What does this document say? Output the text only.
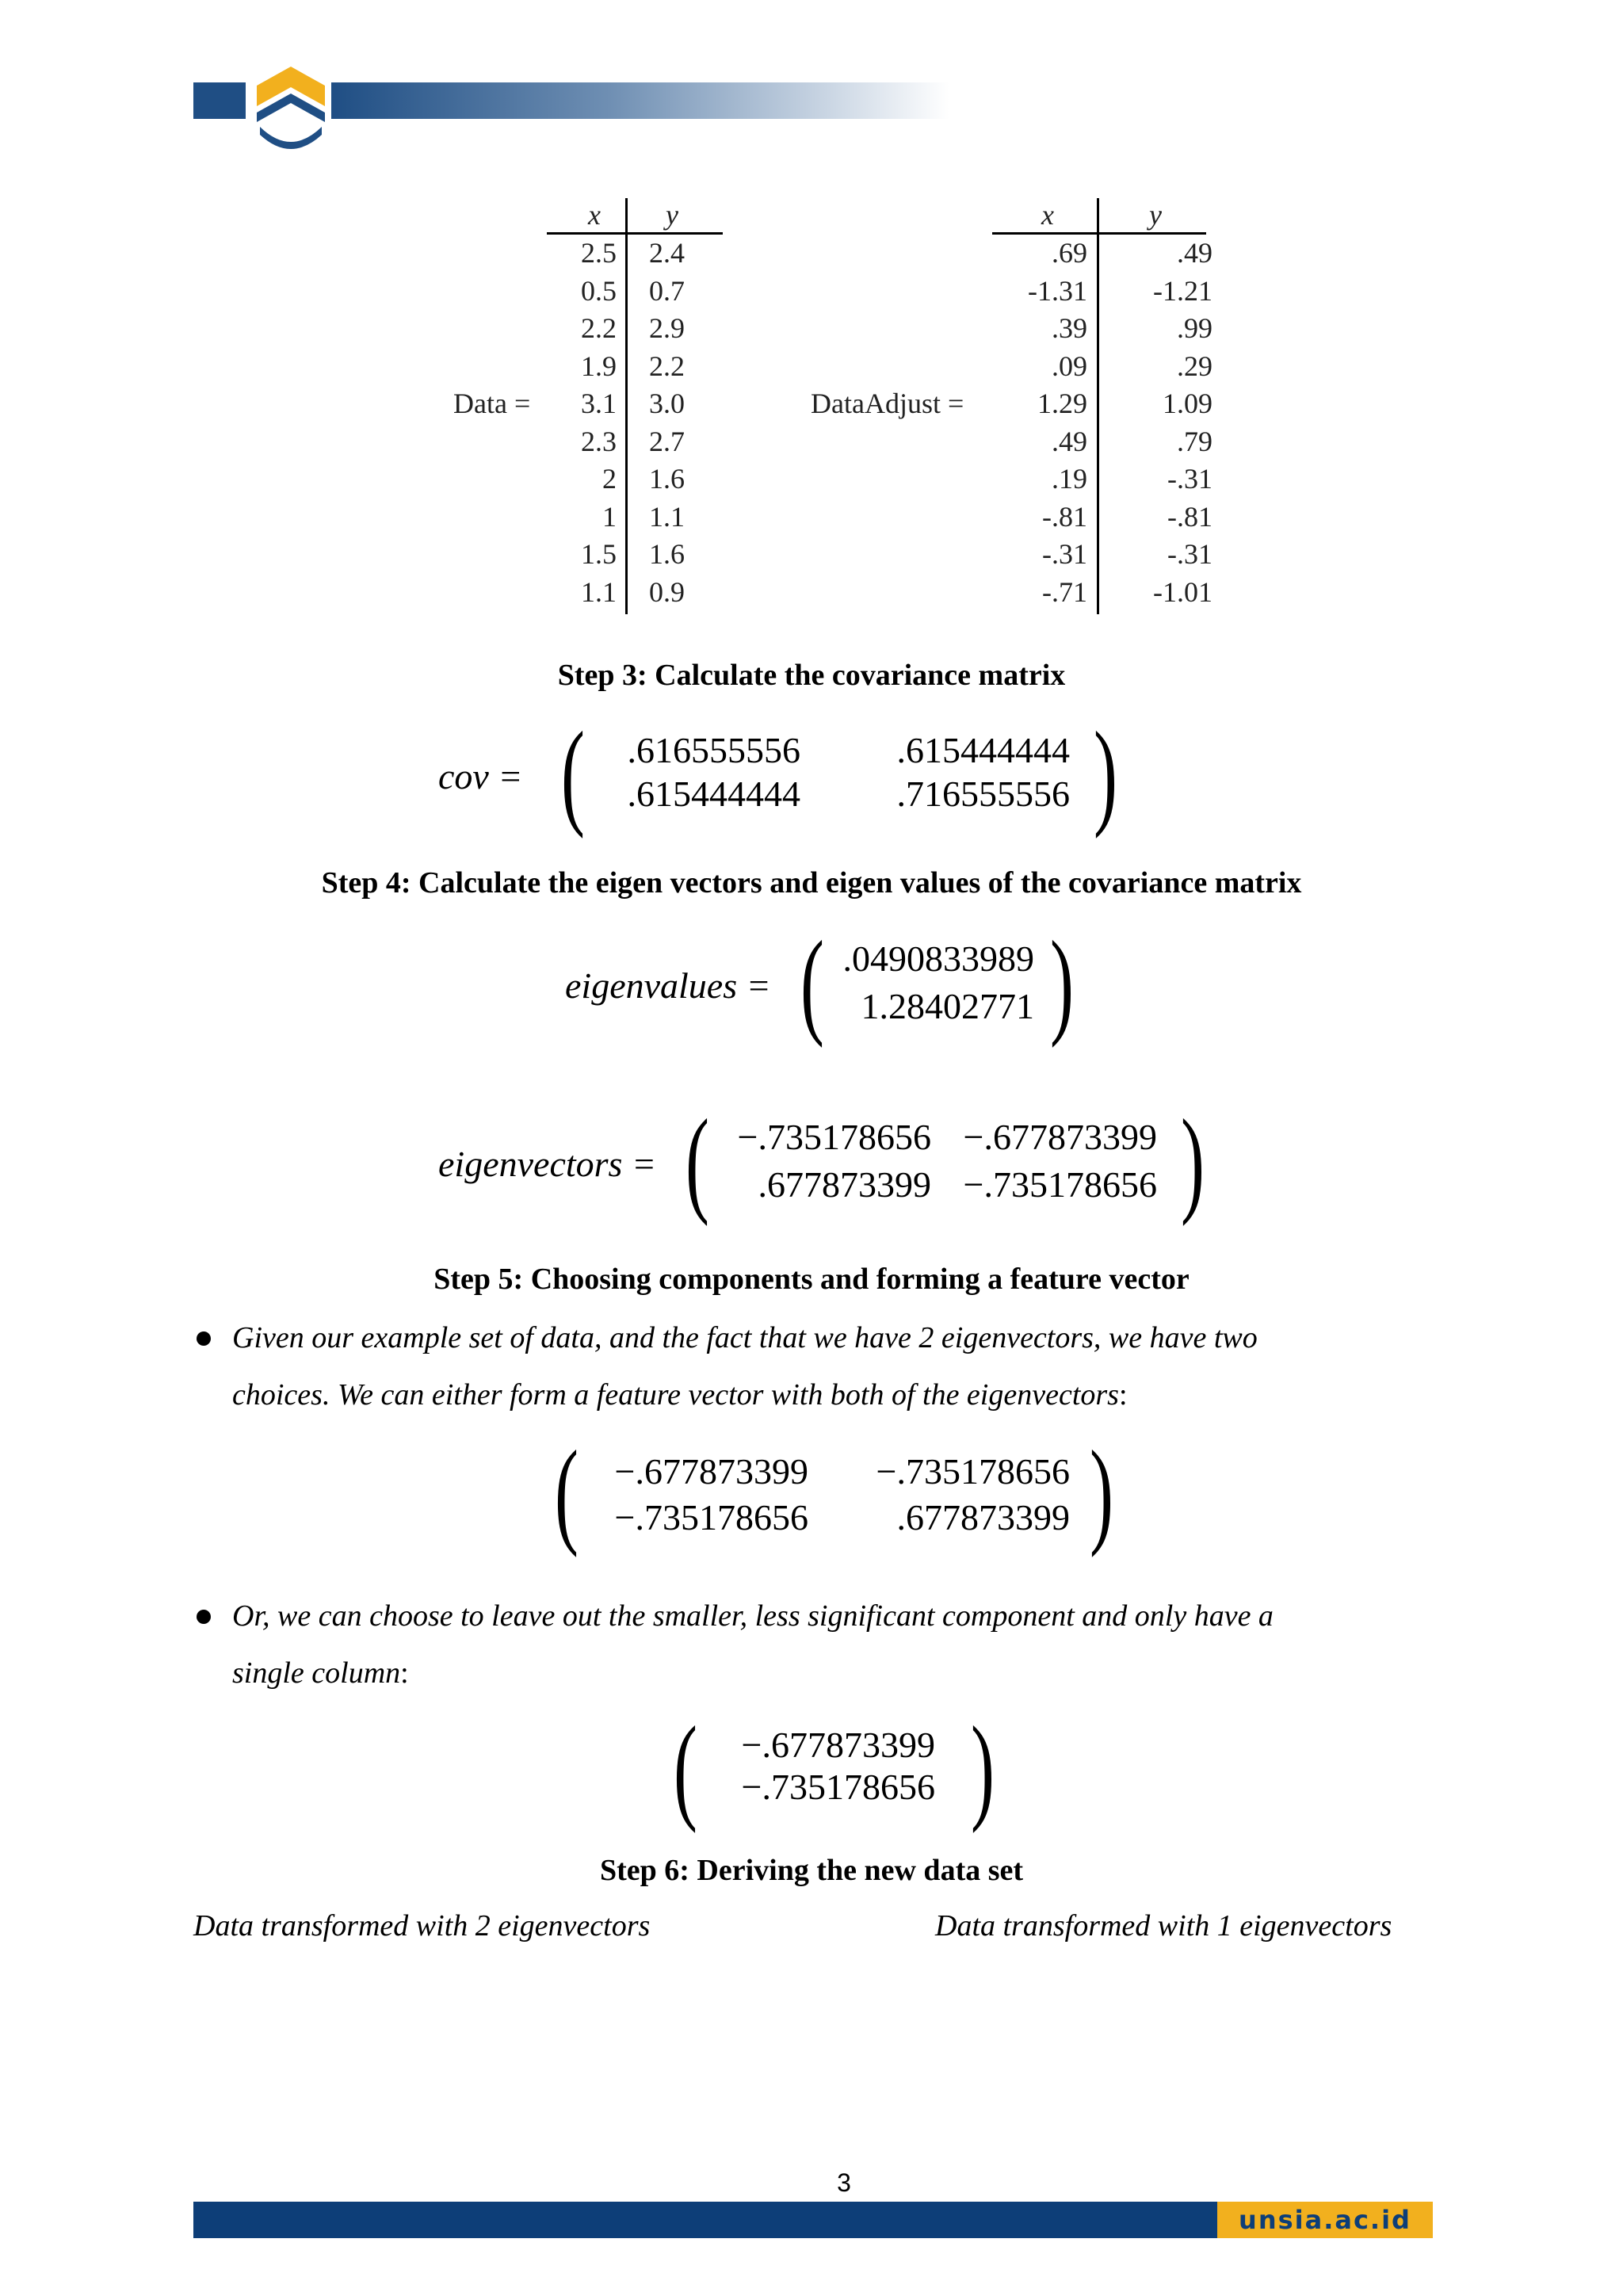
Data =
x	y
2.5	2.4
0.5	0.7
2.2	2.9
1.9	2.2
3.1	3.0
2.3	2.7
2	1.6
1	1.1
1.5	1.6
1.1	0.9
DataAdjust =
x	y
.69	.49
-1.31	-1.21
.39	.99
.09	.29
1.29	1.09
.49	.79
.19	-.31
-.81	-.81
-.31	-.31
-.71	-1.01
Step 3: Calculate the covariance matrix
cov = (	.616555556	.615444444
.615444444	.716555556 )
Step 4: Calculate the eigen vectors and eigen values of the covariance matrix
eigenvalues = ( .0490833989
1.28402771 )
eigenvectors = ( −.735178656 −.677873399
.677873399 −.735178656 )
Step 5: Choosing components and forming a feature vector
Given our example set of data, and the fact that we have 2 eigenvectors, we have two
choices. We can either form a feature vector with both of the eigenvectors:
( −.677873399	−.735178656
−.735178656	.677873399 )
Or, we can choose to leave out the smaller, less significant component and only have a
single column:
(	−.677873399
−.735178656 )
Step 6: Deriving the new data set
Data transformed with 2 eigenvectors	Data transformed with 1 eigenvectors
3
unsia.ac.id
